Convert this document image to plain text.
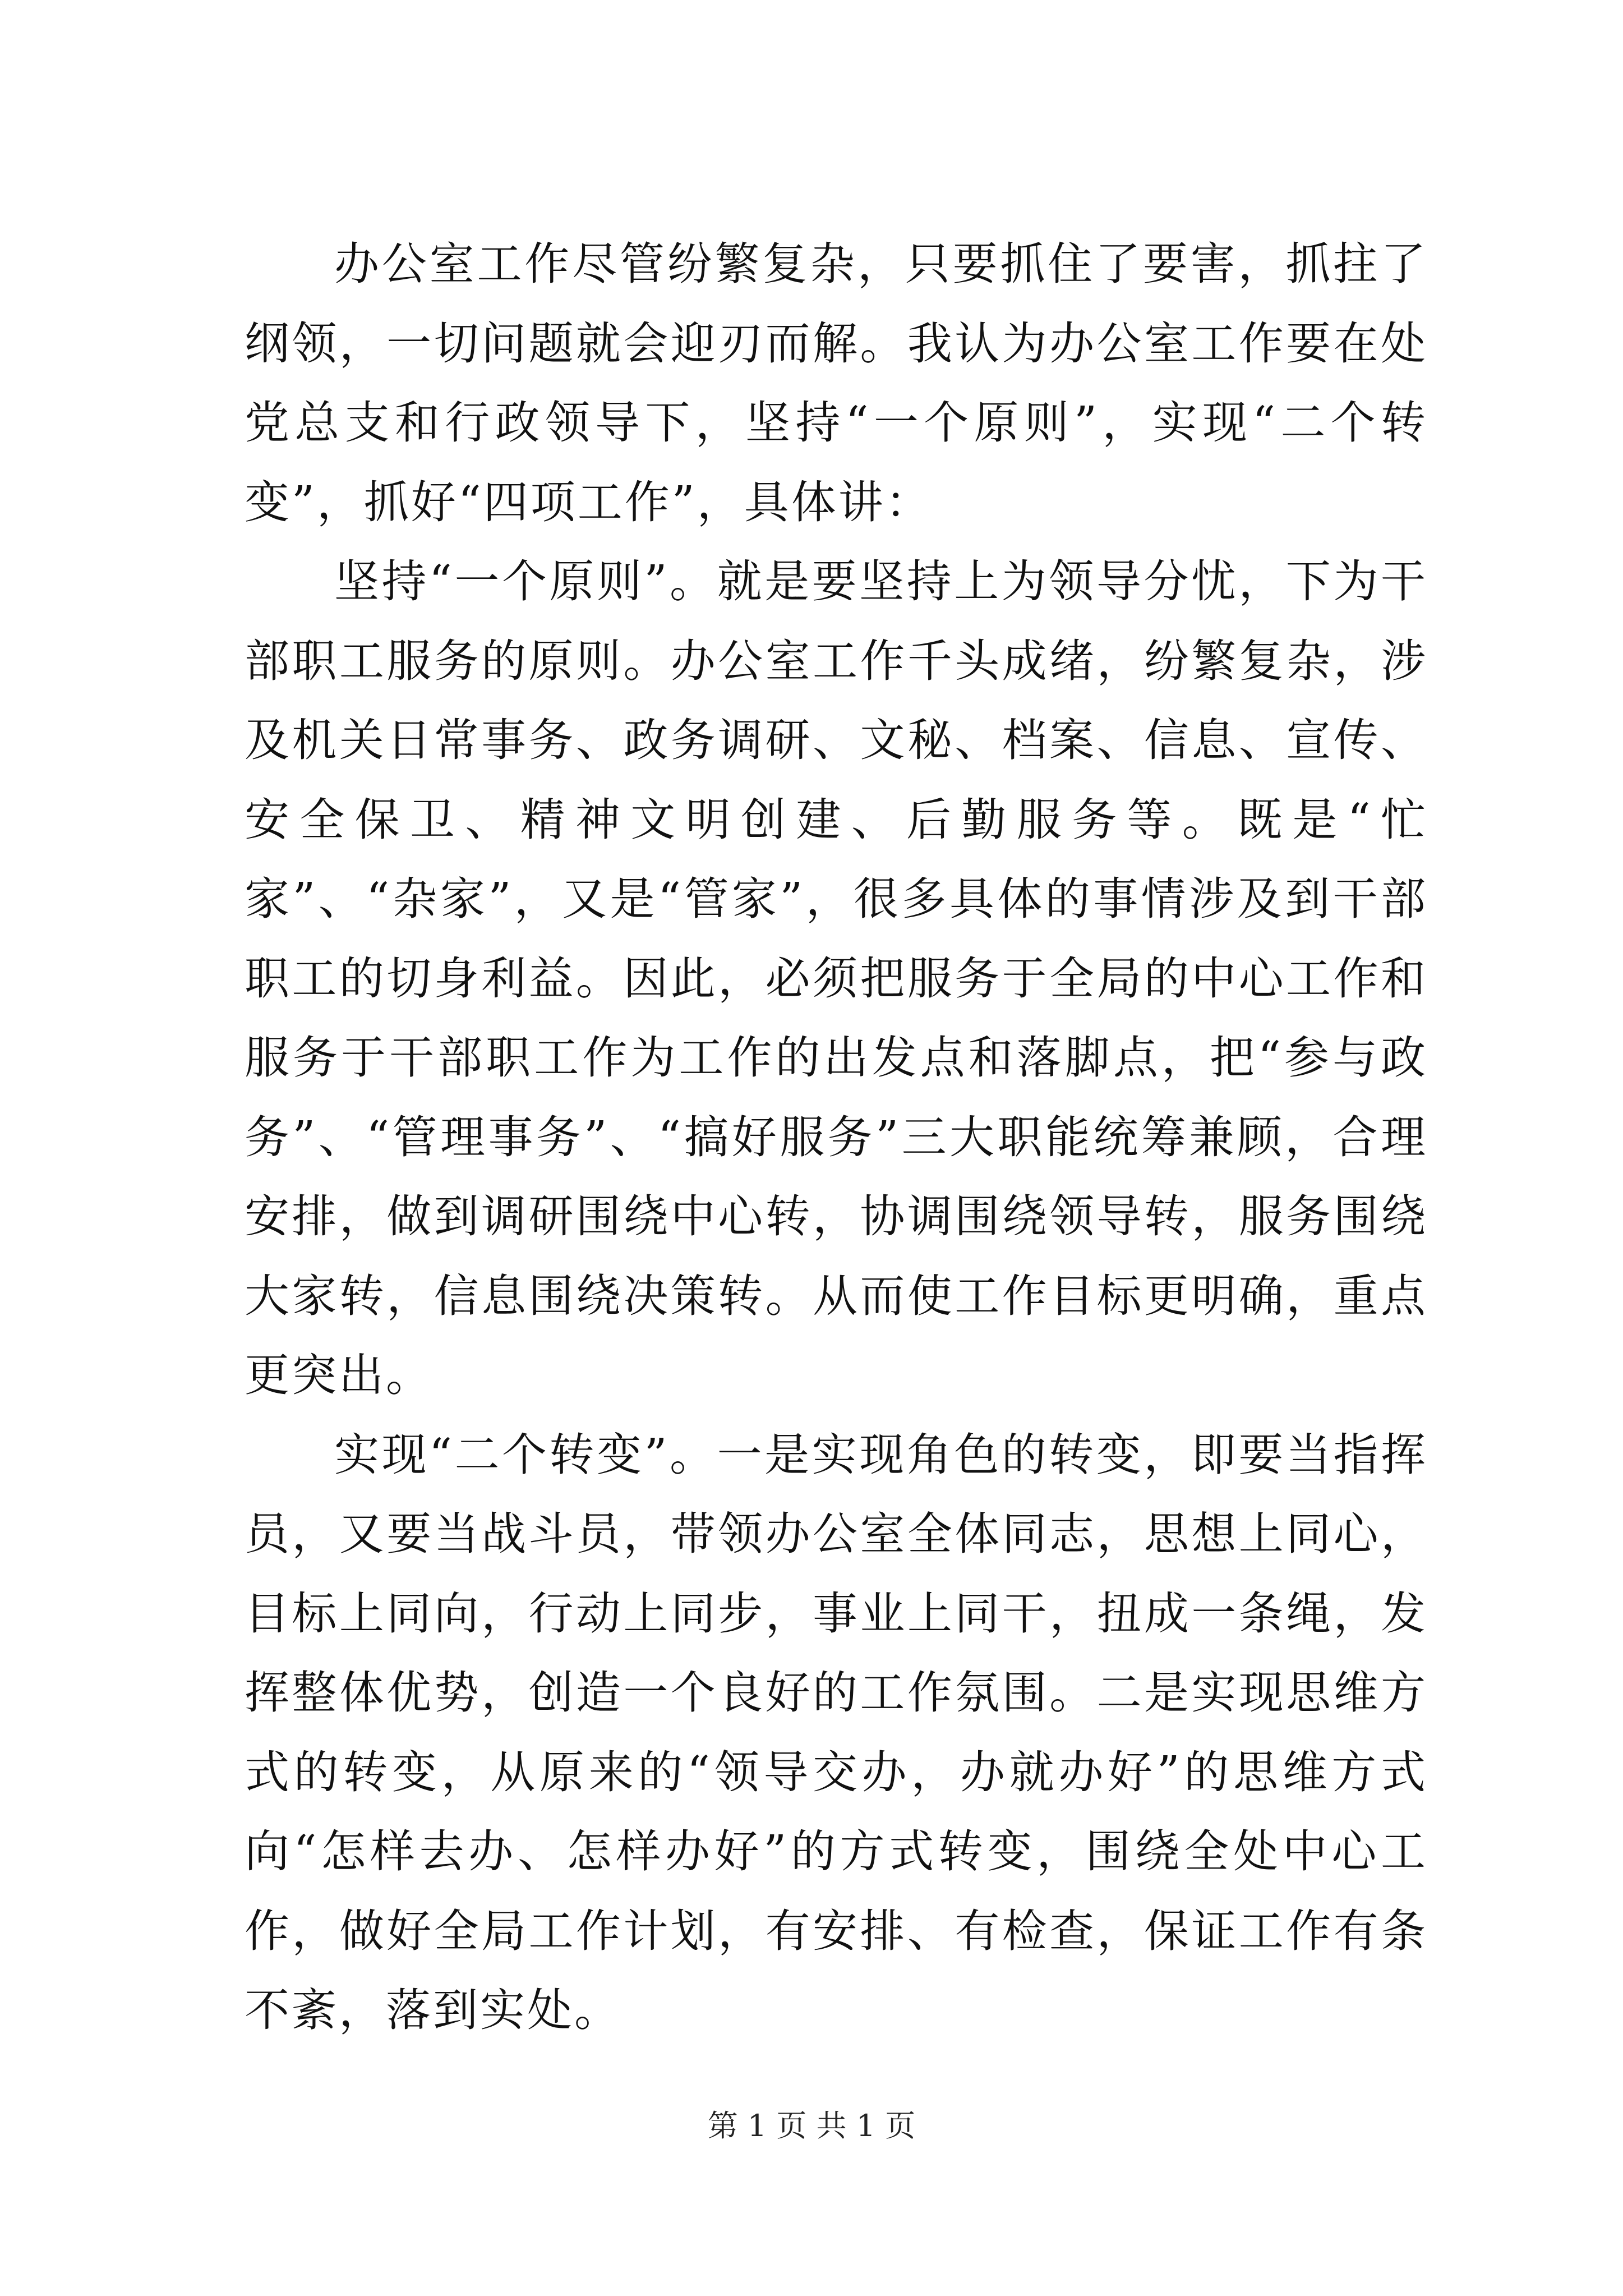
办公室工作尽管纷繁复杂，只要抓住了要害，抓拄了纲领，一切问题就会迎刃而解。我认为办公室工作要在处党总支和行政领导下，坚持“一个原则”，实现“二个转变”，抓好“四项工作”，具体讲：

坚持“一个原则”。就是要坚持上为领导分忧，下为干部职工服务的原则。办公室工作千头成绪，纷繁复杂，涉及机关日常事务、政务调研、文秘、档案、信息、宣传、安全保卫、精神文明创建、后勤服务等。既是“忙家”、“杂家”，又是“管家”，很多具体的事情涉及到干部职工的切身利益。因此，必须把服务于全局的中心工作和服务于干部职工作为工作的出发点和落脚点，把“参与政务”、“管理事务”、“搞好服务”三大职能统筹兼顾，合理安排，做到调研围绕中心转，协调围绕领导转，服务围绕大家转，信息围绕决策转。从而使工作目标更明确，重点更突出。

实现“二个转变”。一是实现角色的转变，即要当指挥员，又要当战斗员，带领办公室全体同志，思想上同心，目标上同向，行动上同步，事业上同干，扭成一条绳，发挥整体优势，创造一个良好的工作氛围。二是实现思维方式的转变，从原来的“领导交办，办就办好”的思维方式向“怎样去办、怎样办好”的方式转变，围绕全处中心工作，做好全局工作计划，有安排、有检查，保证工作有条不紊，落到实处。

第 1 页 共 1 页
